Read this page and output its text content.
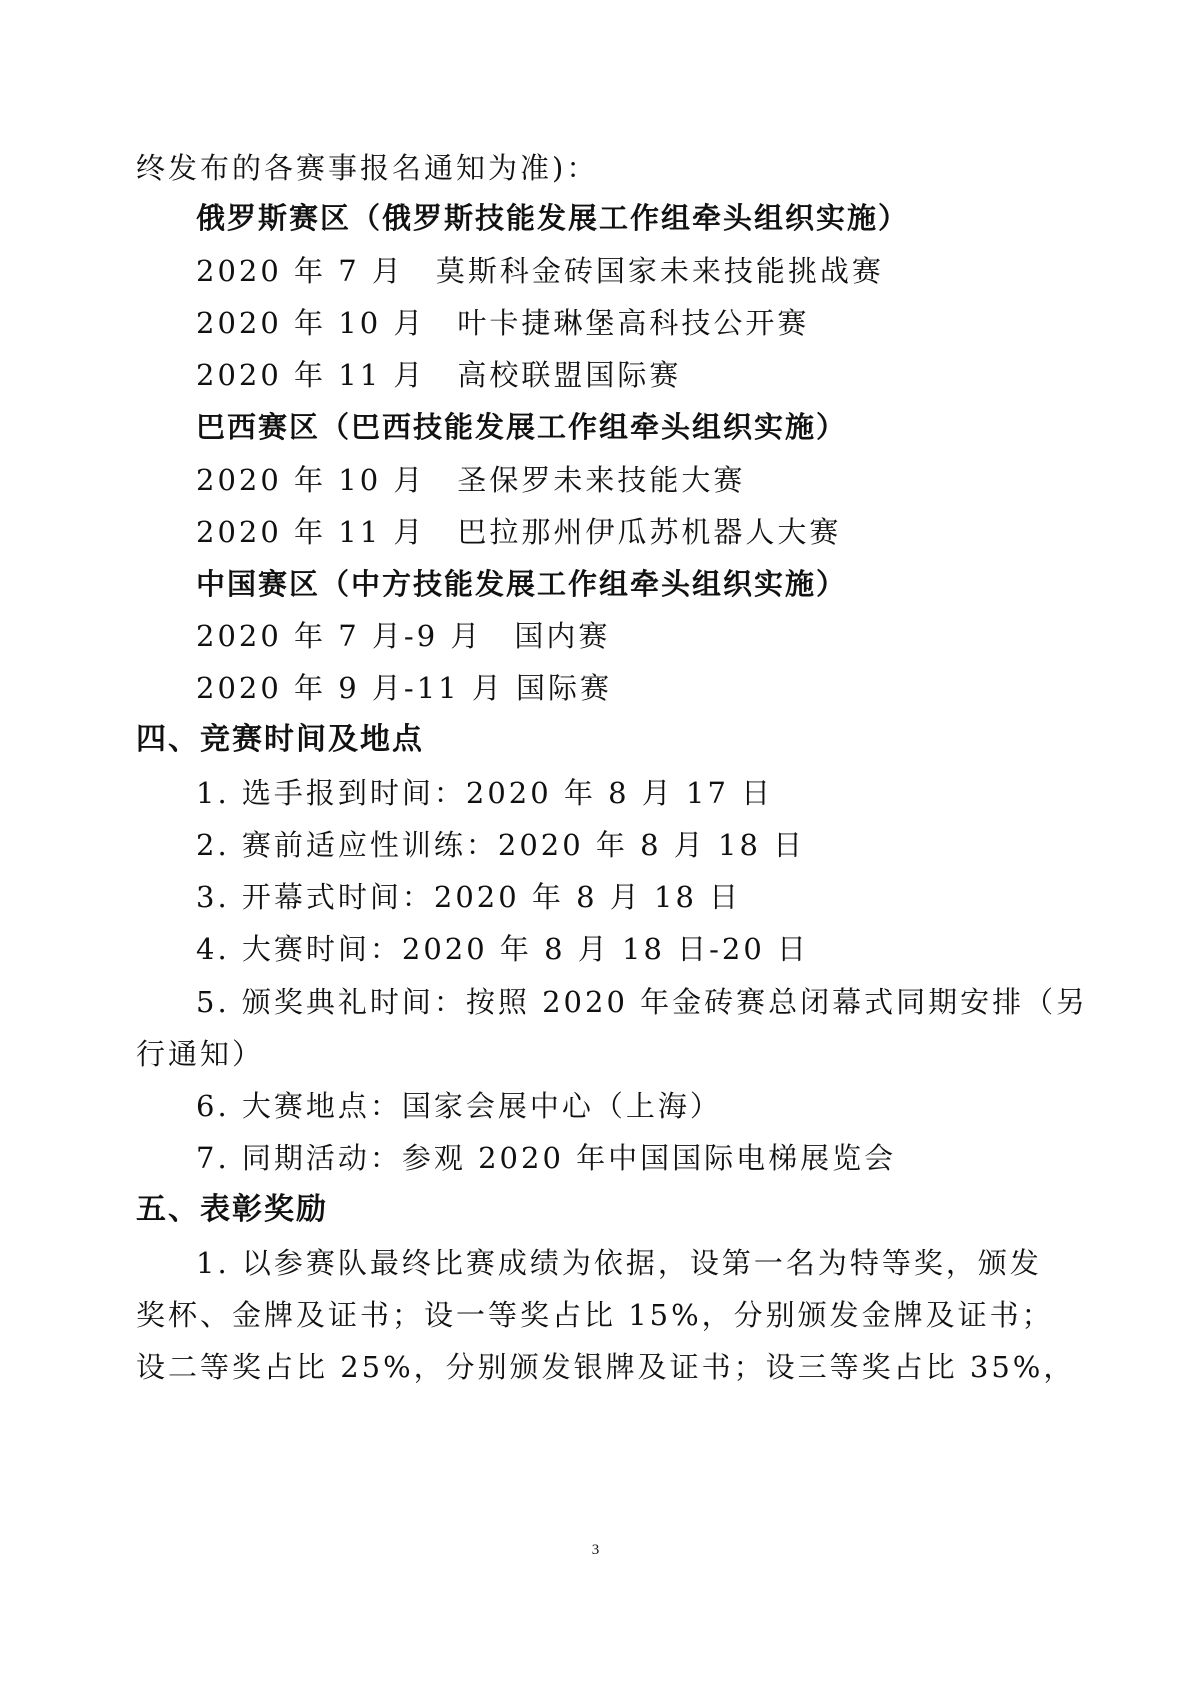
终发布的各赛事报名通知为准)：
俄罗斯赛区（俄罗斯技能发展工作组牵头组织实施）
2020 年 7 月　莫斯科金砖国家未来技能挑战赛
2020 年 10 月　叶卡捷琳堡高科技公开赛
2020 年 11 月　高校联盟国际赛
巴西赛区（巴西技能发展工作组牵头组织实施）
2020 年 10 月　圣保罗未来技能大赛
2020 年 11 月　巴拉那州伊瓜苏机器人大赛
中国赛区（中方技能发展工作组牵头组织实施）
2020 年 7 月-9 月　国内赛
2020 年 9 月-11 月 国际赛
四、竞赛时间及地点
1. 选手报到时间：2020 年 8 月 17 日
2. 赛前适应性训练：2020 年 8 月 18 日
3. 开幕式时间：2020 年 8 月 18 日
4. 大赛时间：2020 年 8 月 18 日-20 日
5. 颁奖典礼时间：按照 2020 年金砖赛总闭幕式同期安排（另
行通知）
6. 大赛地点：国家会展中心（上海）
7. 同期活动：参观 2020 年中国国际电梯展览会
五、表彰奖励
1. 以参赛队最终比赛成绩为依据，设第一名为特等奖，颁发
奖杯、金牌及证书；设一等奖占比 15%，分别颁发金牌及证书；
设二等奖占比 25%，分别颁发银牌及证书；设三等奖占比 35%，
3
